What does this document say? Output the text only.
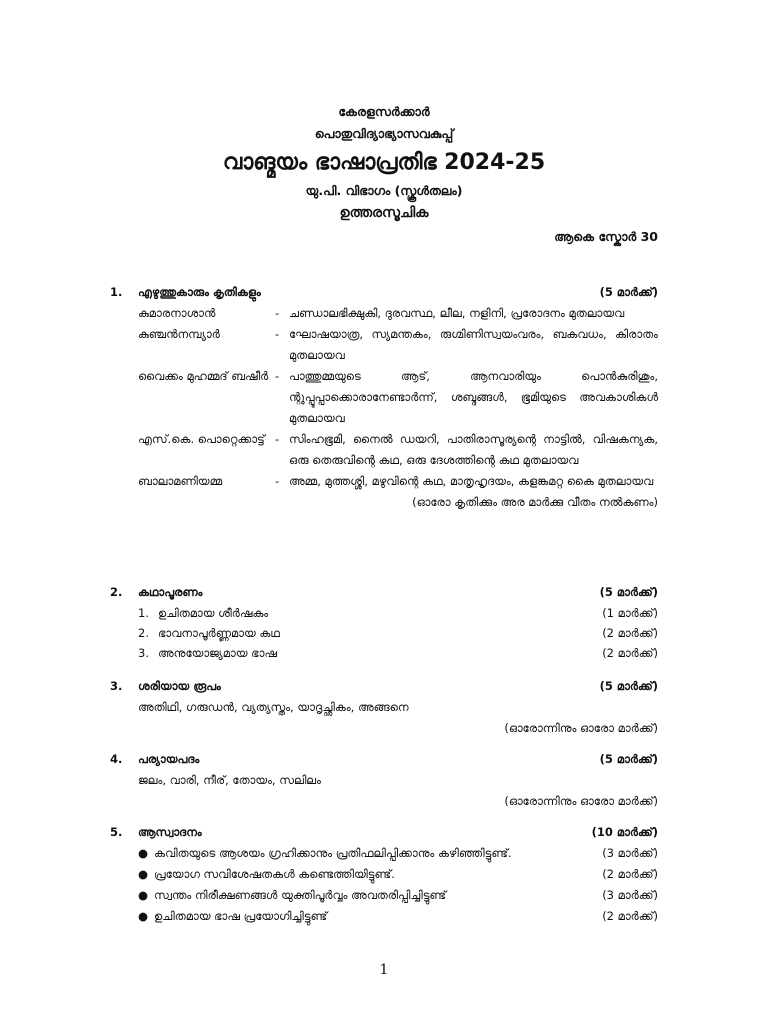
കേരളസർക്കാർ
പൊതുവിദ്യാഭ്യാസവകുപ്പ്
വാങ്മയം ഭാഷാപ്രതിഭ 2024-25
യു.പി. വിഭാഗം (സ്കൂൾതലം)
ഉത്തരസൂചിക
ആകെ സ്കോർ 30
1.	എഴുത്തുകാരും കൃതികളും	(5 മാർക്ക്)
കുമാരനാശാൻ	- ചണ്ഡാലഭിക്ഷുകി, ദുരവസ്ഥ, ലീല, നളിനി, പ്രരോദനം മുതലായവ
കുഞ്ചൻനമ്പ്യാർ	- ഘോഷയാത്ര, സ്യമന്തകം, രുഗ്മിണിസ്വയംവരം, ബകവധം, കിരാതം മുതലായവ
വൈക്കം മുഹമ്മദ് ബഷീർ - പാത്തുമ്മയുടെ ആട്, ആനവാരിയും പൊൻകുരിശും, ന്റുപ്പൂപ്പാക്കൊരാനേണ്ടാർന്ന്, ശബ്ദങ്ങൾ, ഭൂമിയുടെ അവകാശികൾ മുതലായവ
എസ്.കെ. പൊറ്റെക്കാട്ട് - സിംഹഭൂമി, നൈൽ ഡയറി, പാതിരാസൂര്യന്റെ നാട്ടിൽ, വിഷകന്യക, ഒരു തെരുവിന്റെ കഥ, ഒരു ദേശത്തിന്റെ കഥ മുതലായവ
ബാലാമണിയമ്മ	- അമ്മ, മുത്തശ്ശി, മഴുവിന്റെ കഥ, മാതൃഹൃദയം, കളങ്കമറ്റ കൈ മുതലായവ
(ഓരോ കൃതിക്കും അര മാർക്കു വീതം നൽകണം)
2.	കഥാപൂരണം	(5 മാർക്ക്)
1. ഉചിതമായ ശീർഷകം	(1 മാർക്ക്)
2. ഭാവനാപൂർണ്ണമായ കഥ	(2 മാർക്ക്)
3. അനുയോജ്യമായ ഭാഷ	(2 മാർക്ക്)
3.	ശരിയായ രൂപം	(5 മാർക്ക്)
അതിഥി, ഗരുഡൻ, വ്യത്യസ്തം, യാദൃച്ഛികം, അങ്ങനെ
(ഓരോന്നിനും ഓരോ മാർക്ക്)
4.	പര്യായപദം	(5 മാർക്ക്)
ജലം, വാരി, നീര്, തോയം, സലിലം
(ഓരോന്നിനും ഓരോ മാർക്ക്)
5.	ആസ്വാദനം	(10 മാർക്ക്)
● കവിതയുടെ ആശയം ഗ്രഹിക്കാനും പ്രതിഫലിപ്പിക്കാനും കഴിഞ്ഞിട്ടുണ്ട്.	(3 മാർക്ക്)
● പ്രയോഗ സവിശേഷതകൾ കണ്ടെത്തിയിട്ടുണ്ട്.	(2 മാർക്ക്)
● സ്വന്തം നിരീക്ഷണങ്ങൾ യുക്തിപൂർവ്വം അവതരിപ്പിച്ചിട്ടുണ്ട്	(3 മാർക്ക്)
● ഉചിതമായ ഭാഷ പ്രയോഗിച്ചിട്ടുണ്ട്	(2 മാർക്ക്)
1
